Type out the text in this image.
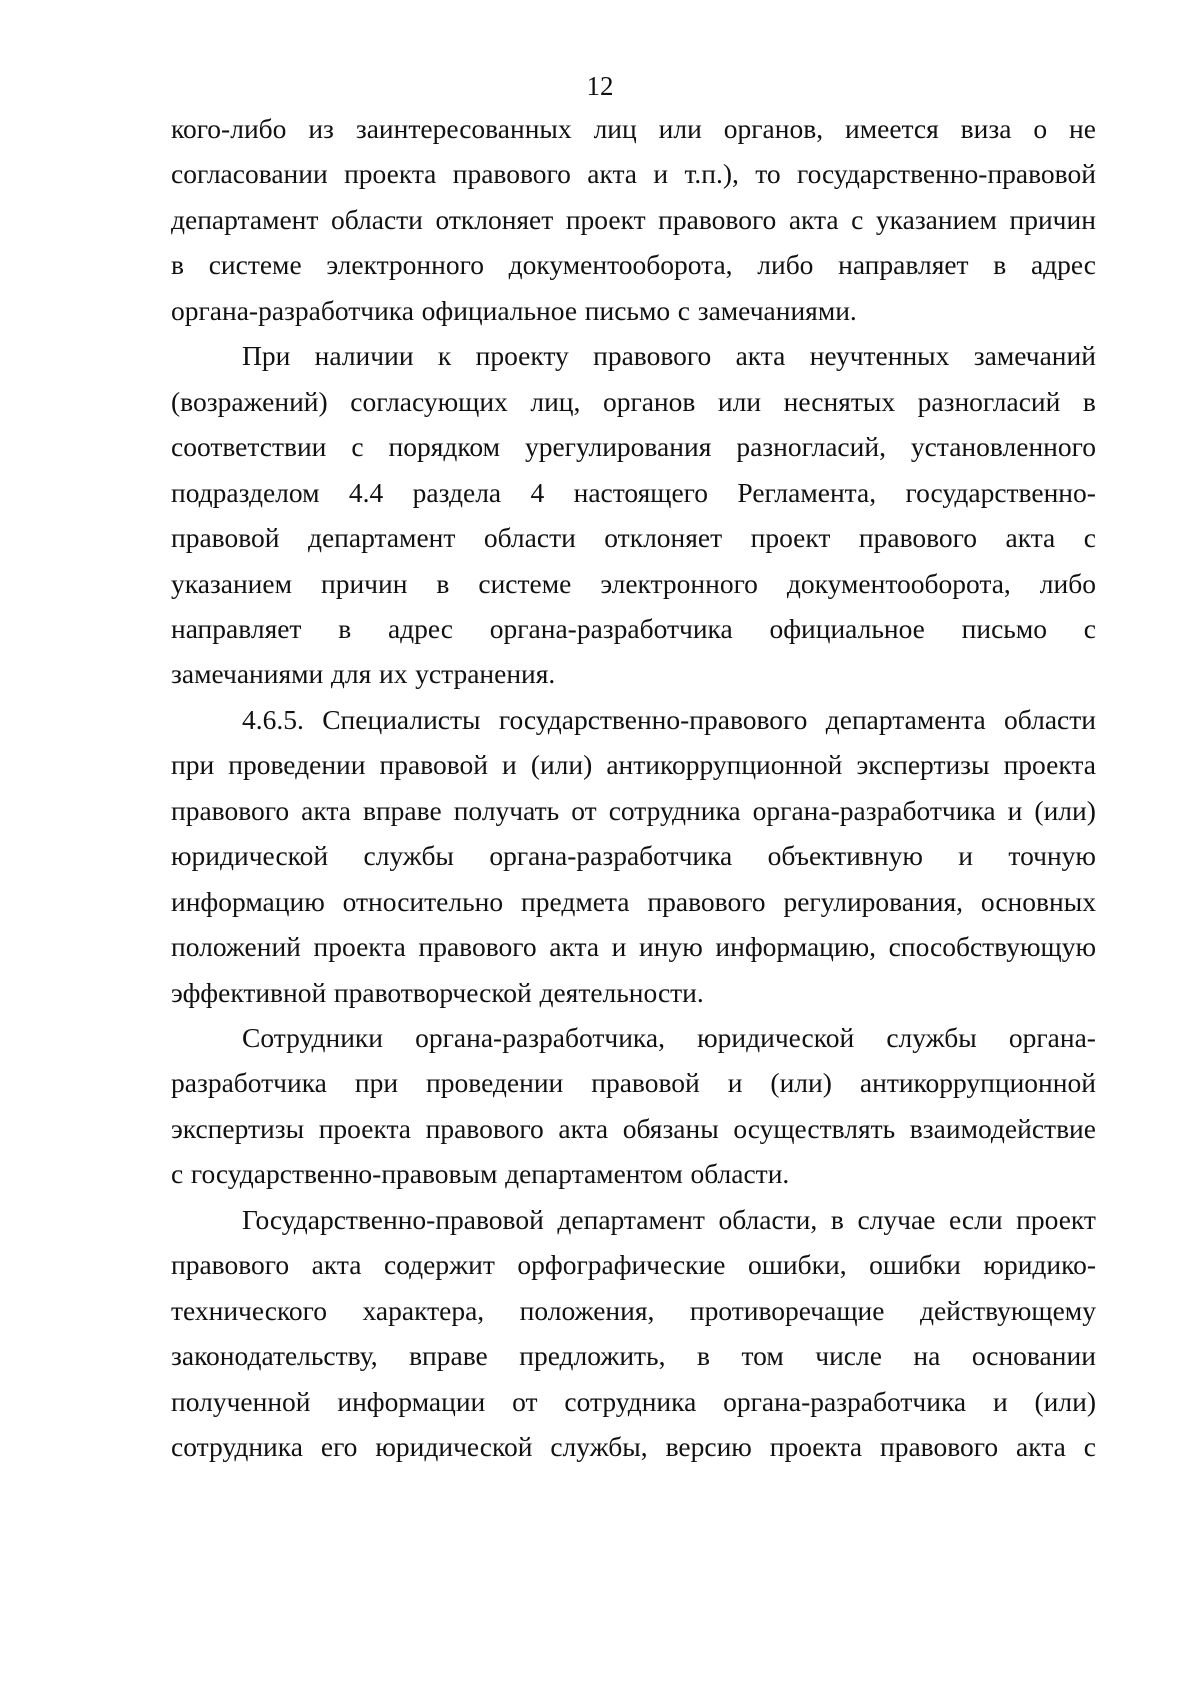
12
кого-либо из заинтересованных лиц или органов, имеется виза о не
согласовании проекта правового акта и т.п.), то государственно-правовой
департамент области отклоняет проект правового акта с указанием причин
в системе электронного документооборота, либо направляет в адрес
органа-разработчика официальное письмо с замечаниями.
При наличии к проекту правового акта неучтенных замечаний
(возражений) согласующих лиц, органов или неснятых разногласий в
соответствии с порядком урегулирования разногласий, установленного
подразделом 4.4 раздела 4 настоящего Регламента, государственно-
правовой департамент области отклоняет проект правового акта с
указанием причин в системе электронного документооборота, либо
направляет в адрес органа-разработчика официальное письмо с
замечаниями для их устранения.
4.6.5. Специалисты государственно-правового департамента области
при проведении правовой и (или) антикоррупционной экспертизы проекта
правового акта вправе получать от сотрудника органа-разработчика и (или)
юридической службы органа-разработчика объективную и точную
информацию относительно предмета правового регулирования, основных
положений проекта правового акта и иную информацию, способствующую
эффективной правотворческой деятельности.
Сотрудники органа-разработчика, юридической службы органа-
разработчика при проведении правовой и (или) антикоррупционной
экспертизы проекта правового акта обязаны осуществлять взаимодействие
с государственно-правовым департаментом области.
Государственно-правовой департамент области, в случае если проект
правового акта содержит орфографические ошибки, ошибки юридико-
технического характера, положения, противоречащие действующему
законодательству, вправе предложить, в том числе на основании
полученной информации от сотрудника органа-разработчика и (или)
сотрудника его юридической службы, версию проекта правового акта с
